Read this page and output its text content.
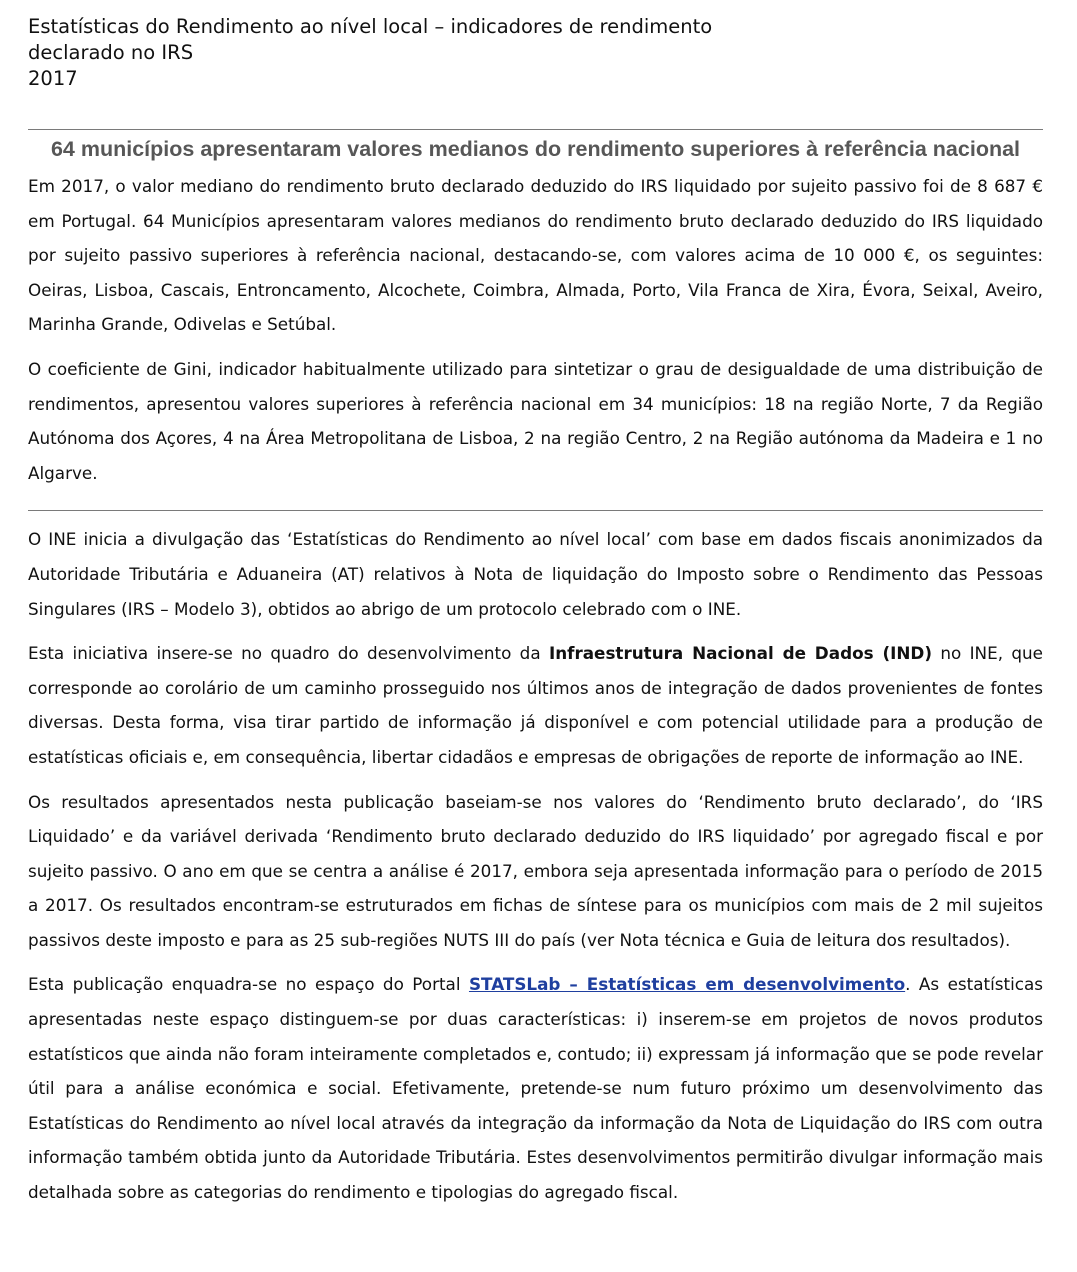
Estatísticas do Rendimento ao nível local – indicadores de rendimento
declarado no IRS
2017
64 municípios apresentaram valores medianos do rendimento superiores à referência nacional

Em 2017, o valor mediano do rendimento bruto declarado deduzido do IRS liquidado por sujeito passivo foi de 8 687 € em Portugal. 64 Municípios apresentaram valores medianos do rendimento bruto declarado deduzido do IRS liquidado por sujeito passivo superiores à referência nacional, destacando-se, com valores acima de 10 000 €, os seguintes: Oeiras, Lisboa, Cascais, Entroncamento, Alcochete, Coimbra, Almada, Porto, Vila Franca de Xira, Évora, Seixal, Aveiro, Marinha Grande, Odivelas e Setúbal.

O coeficiente de Gini, indicador habitualmente utilizado para sintetizar o grau de desigualdade de uma distribuição de rendimentos, apresentou valores superiores à referência nacional em 34 municípios: 18 na região Norte, 7 da Região Autónoma dos Açores, 4 na Área Metropolitana de Lisboa, 2 na região Centro, 2 na Região autónoma da Madeira e 1 no Algarve.

O INE inicia a divulgação das ‘Estatísticas do Rendimento ao nível local’ com base em dados fiscais anonimizados da Autoridade Tributária e Aduaneira (AT) relativos à Nota de liquidação do Imposto sobre o Rendimento das Pessoas Singulares (IRS – Modelo 3), obtidos ao abrigo de um protocolo celebrado com o INE.

Esta iniciativa insere-se no quadro do desenvolvimento da Infraestrutura Nacional de Dados (IND) no INE, que corresponde ao corolário de um caminho prosseguido nos últimos anos de integração de dados provenientes de fontes diversas. Desta forma, visa tirar partido de informação já disponível e com potencial utilidade para a produção de estatísticas oficiais e, em consequência, libertar cidadãos e empresas de obrigações de reporte de informação ao INE.

Os resultados apresentados nesta publicação baseiam-se nos valores do ‘Rendimento bruto declarado’, do ‘IRS Liquidado’ e da variável derivada ‘Rendimento bruto declarado deduzido do IRS liquidado’ por agregado fiscal e por sujeito passivo. O ano em que se centra a análise é 2017, embora seja apresentada informação para o período de 2015 a 2017. Os resultados encontram-se estruturados em fichas de síntese para os municípios com mais de 2 mil sujeitos passivos deste imposto e para as 25 sub-regiões NUTS III do país (ver Nota técnica e Guia de leitura dos resultados).

Esta publicação enquadra-se no espaço do Portal STATSLab – Estatísticas em desenvolvimento. As estatísticas apresentadas neste espaço distinguem-se por duas características: i) inserem-se em projetos de novos produtos estatísticos que ainda não foram inteiramente completados e, contudo; ii) expressam já informação que se pode revelar útil para a análise económica e social. Efetivamente, pretende-se num futuro próximo um desenvolvimento das Estatísticas do Rendimento ao nível local através da integração da informação da Nota de Liquidação do IRS com outra informação também obtida junto da Autoridade Tributária. Estes desenvolvimentos permitirão divulgar informação mais detalhada sobre as categorias do rendimento e tipologias do agregado fiscal.
